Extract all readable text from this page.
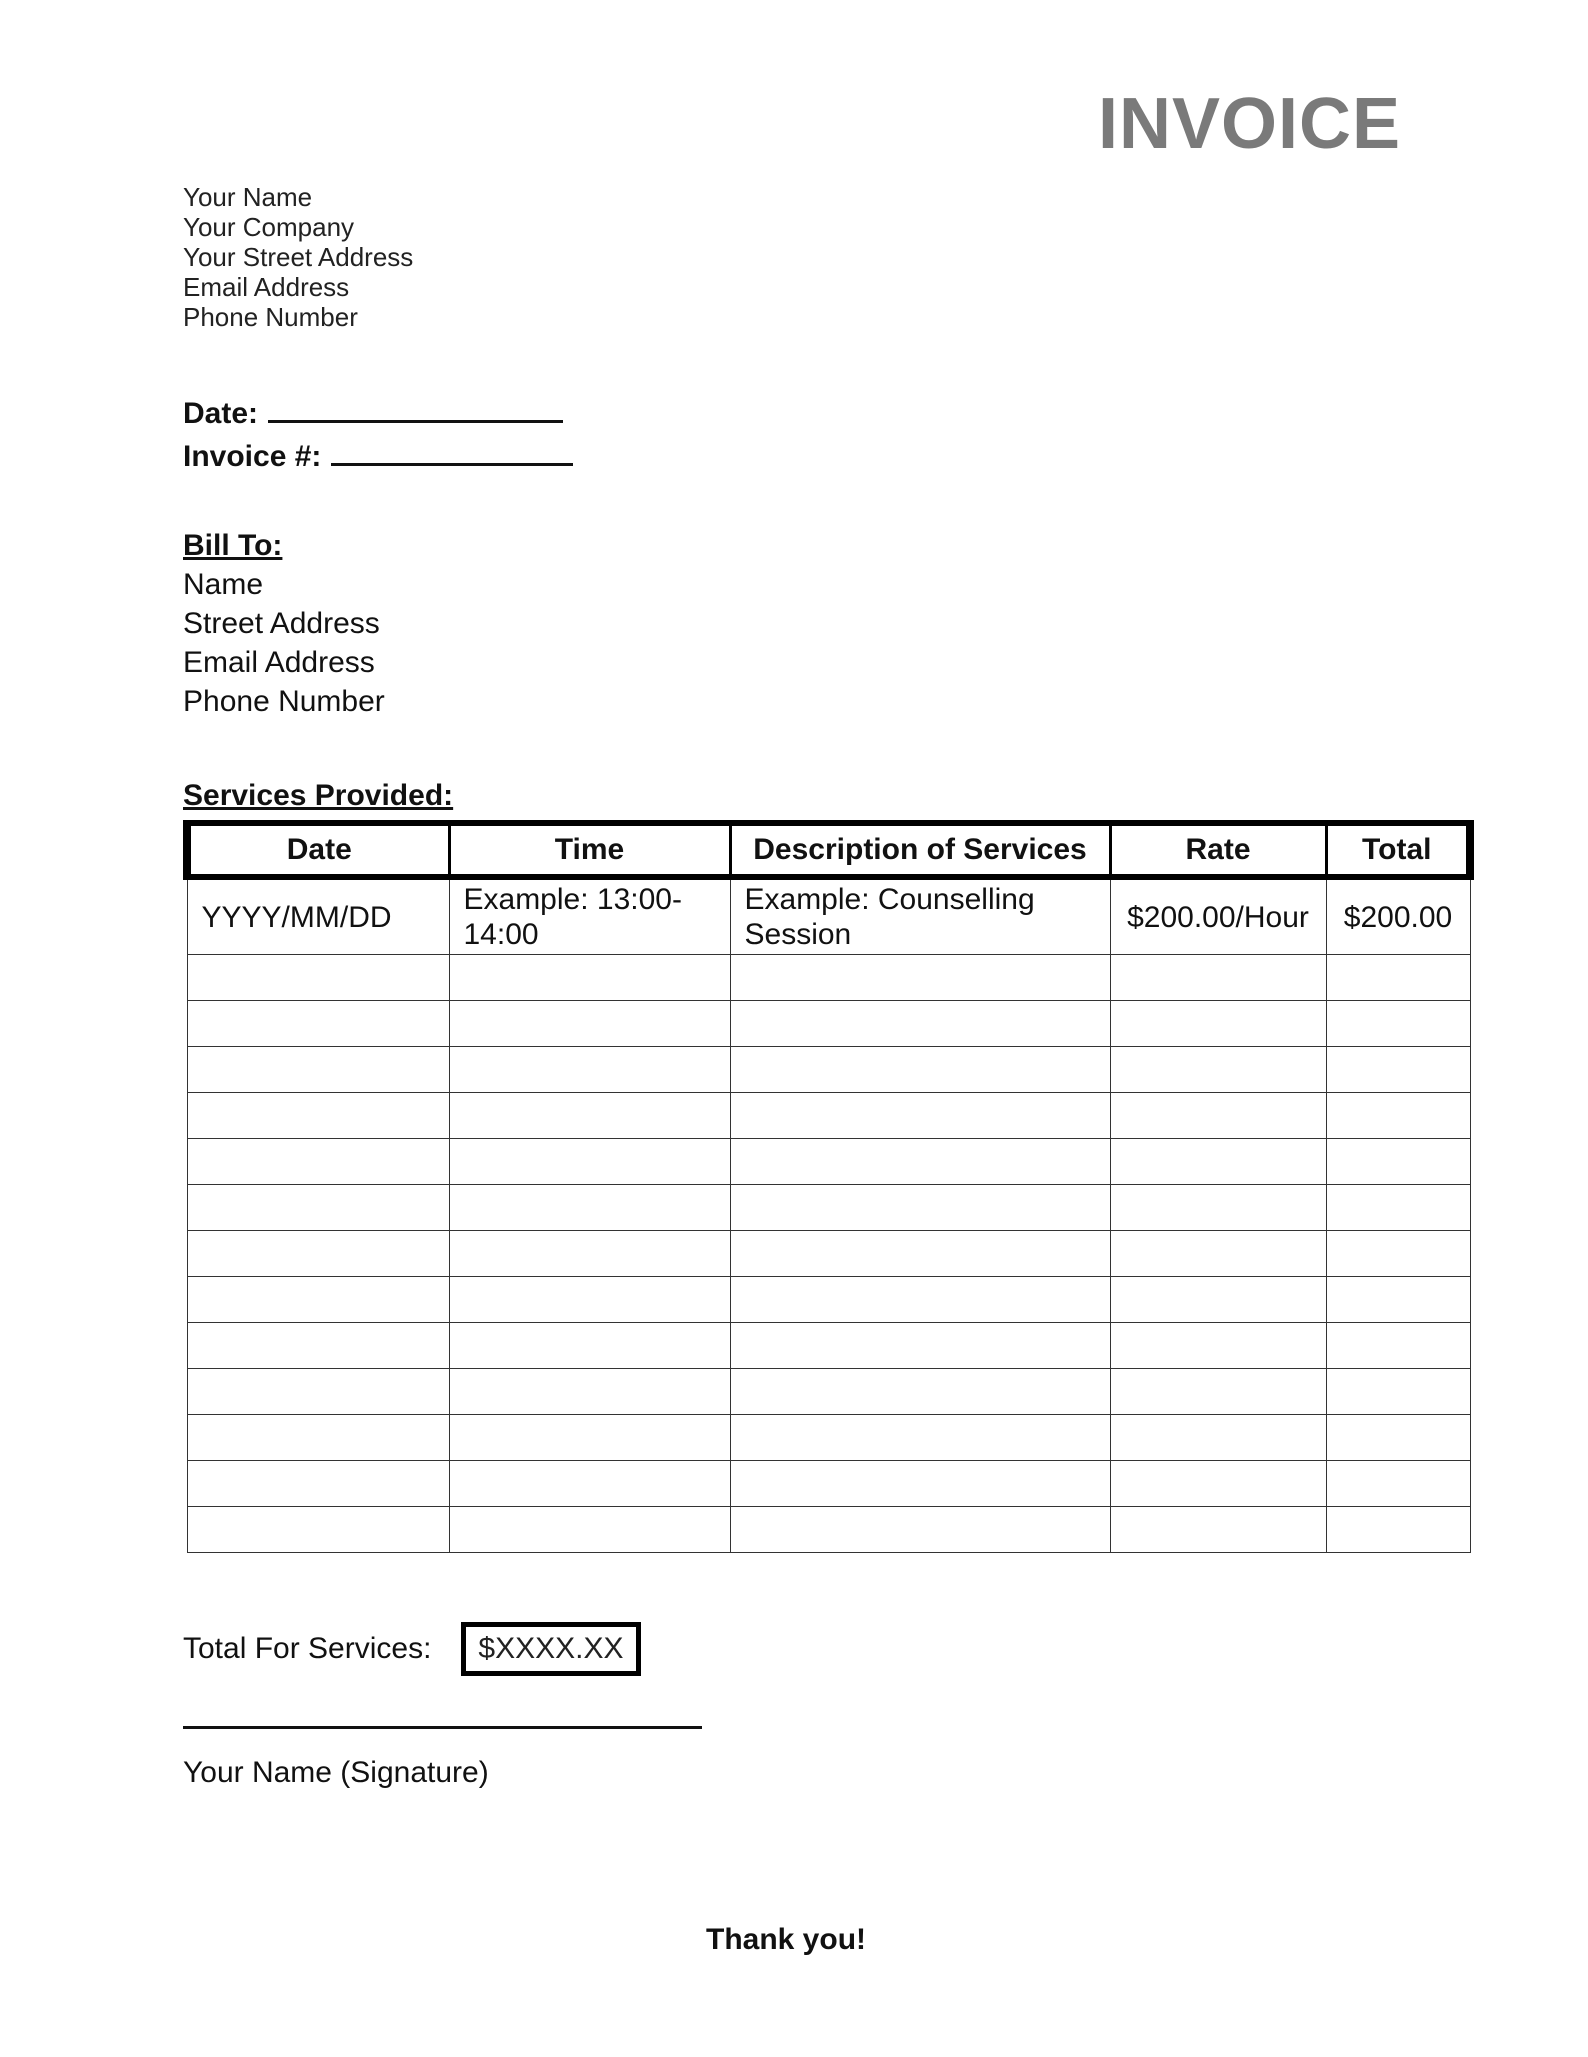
INVOICE
Your Name
Your Company
Your Street Address
Email Address
Phone Number
Date:
Invoice #:
Bill To:
Name
Street Address
Email Address
Phone Number
Services Provided:
Date	Time	Description of Services	Rate	Total
YYYY/MM/DD	Example: 13:00-14:00	Example: Counselling Session	$200.00/Hour	$200.00

Total For Services:	$XXXX.XX
Your Name (Signature)
Thank you!
